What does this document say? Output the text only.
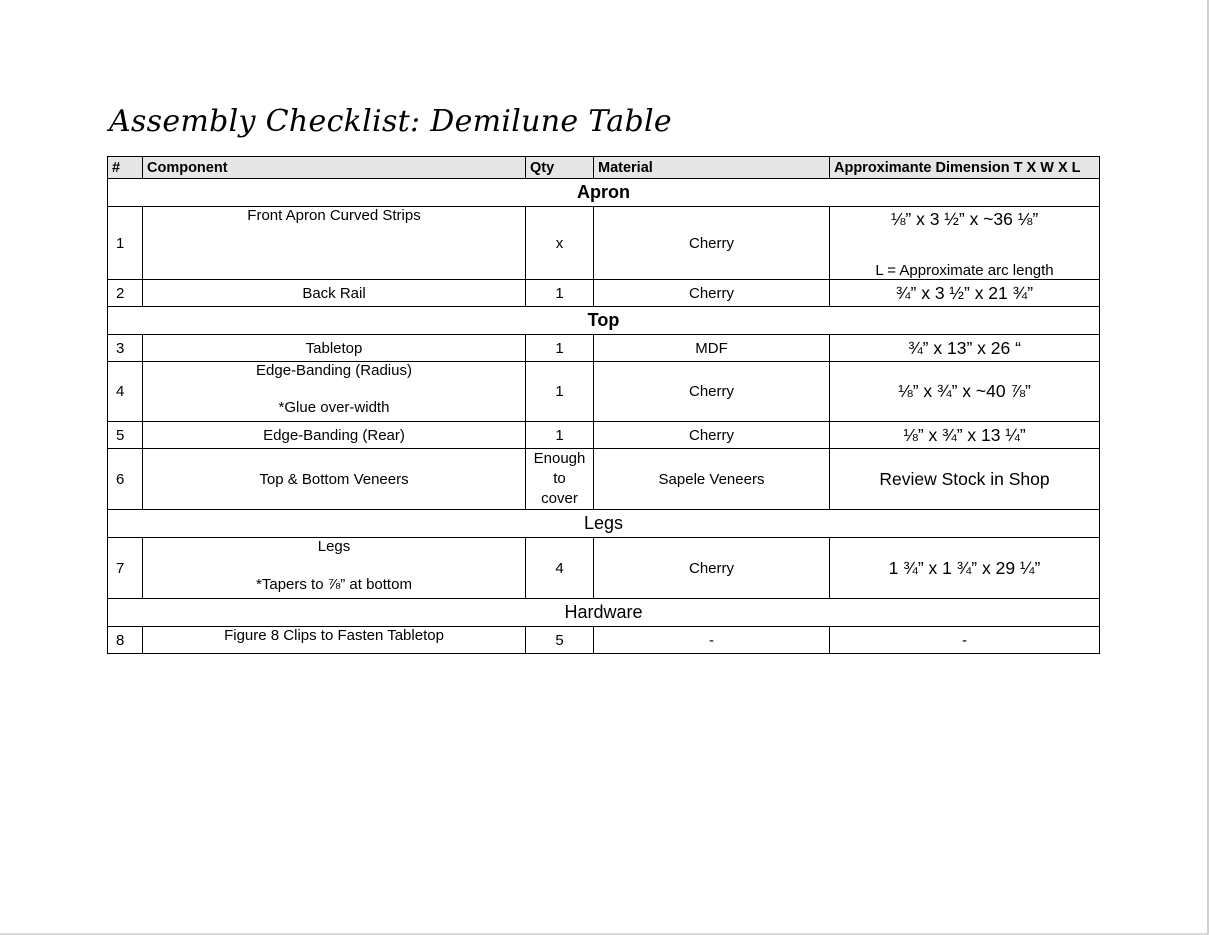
Assembly Checklist: Demilune Table
#	Component	Qty	Material	Approximante Dimension T X W X L
Apron				
1	Front Apron Curved Strips	x	Cherry	⅛” x 3 ½” x ~36 ⅛”
L = Approximate arc length

2	Back Rail	1	Cherry	¾” x 3 ½” x 21 ¾”
Top				
3	Tabletop	1	MDF	¾” x 13” x 26 “
4	Edge-Banding (Radius)
*Glue over-width	1	Cherry	⅛” x ¾” x ~40 ⅞”
5	Edge-Banding (Rear)	1	Cherry	⅛” x ¾” x 13 ¼”
6	Top & Bottom Veneers	Enough
to
cover	Sapele Veneers	Review Stock in Shop
Legs				
7	Legs
*Tapers to ⅞” at bottom	4	Cherry	1 ¾” x 1 ¾” x 29 ¼”
Hardware				
8	Figure 8 Clips to Fasten Tabletop	5	-	-
